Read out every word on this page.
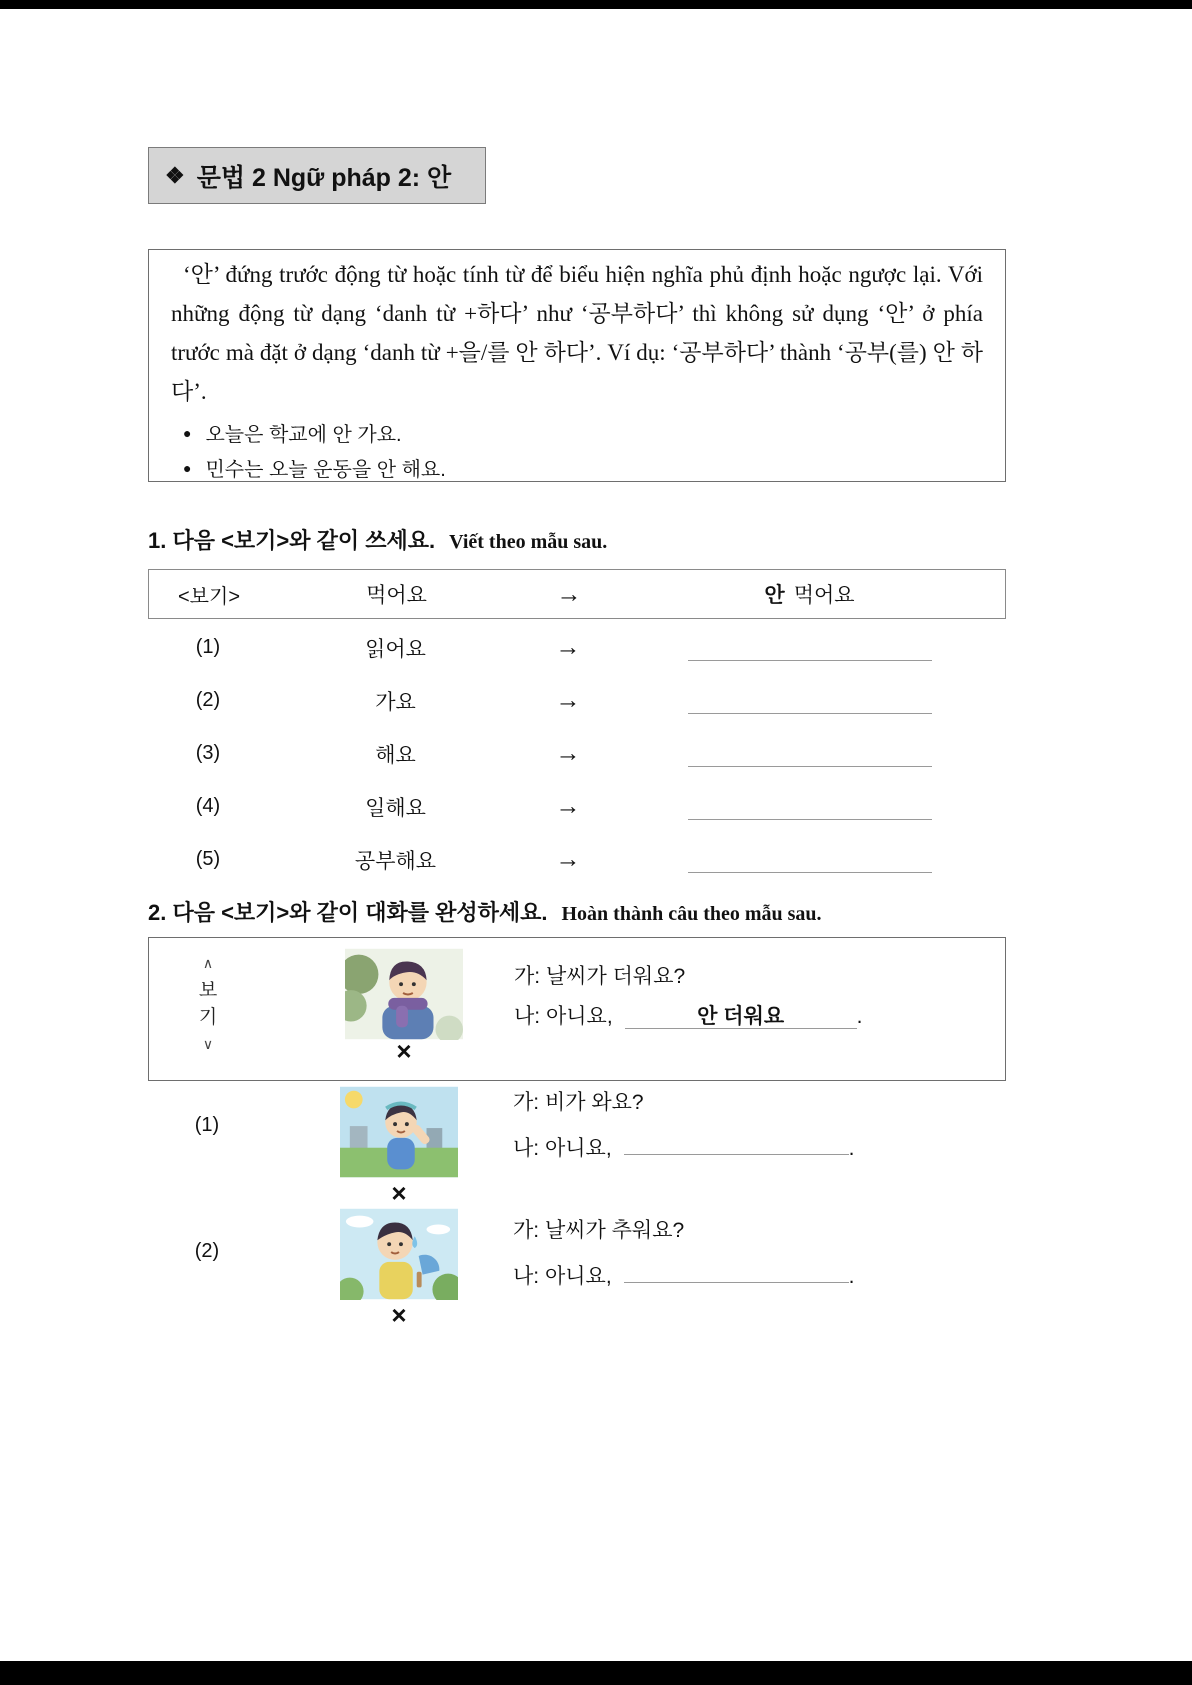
❖ 문법 2 Ngữ pháp 2: 안

‘안’ đứng trước động từ hoặc tính từ để biểu hiện nghĩa phủ định hoặc ngược lại. Với những động từ dạng ‘danh từ +하다’ như ‘공부하다’ thì không sử dụng ‘안’ ở phía trước mà đặt ở dạng ‘danh từ +을/를 안 하다’. Ví dụ: ‘공부하다’ thành ‘공부(를) 안 하다’.

● 오늘은 학교에 안 가요.
● 민수는 오늘 운동을 안 해요.
1. 다음 <보기>와 같이 쓰세요. Viết theo mẫu sau.
<보기>	먹어요	→	안 먹어요
(1)	읽어요	→
(2)	가요	→
(3)	해요	→
(4)	일해요	→
(5)	공부해요	→
2. 다음 <보기>와 같이 대화를 완성하세요. Hoàn thành câu theo mẫu sau.
∧
보
기
∨	×
가: 날씨가 더워요?
나: 아니요,	안 더워요	.
(1)
×
가: 비가 와요?
나: 아니요,	.
(2)
×
가: 날씨가 추워요?
나: 아니요,	.
